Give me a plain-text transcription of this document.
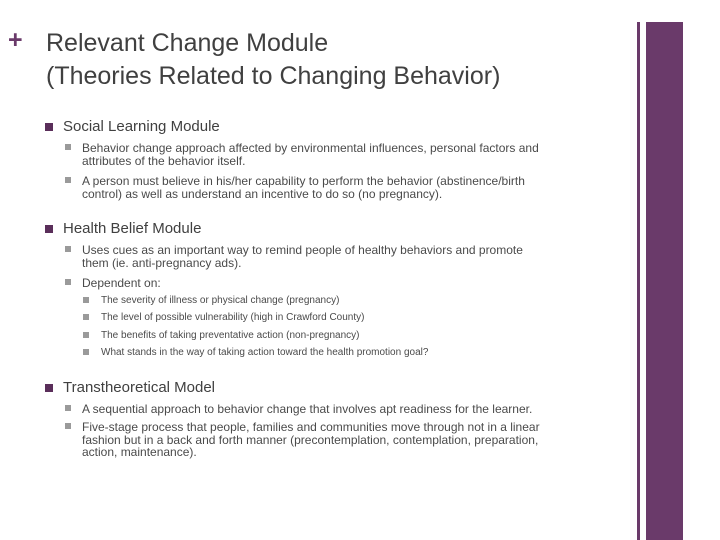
+ Relevant Change Module
(Theories Related to Changing Behavior)
Social Learning Module
Behavior change approach affected by environmental influences, personal factors and
attributes of the behavior itself.
A person must believe in his/her capability to perform the behavior (abstinence/birth
control) as well as understand an incentive to do so (no pregnancy).
Health Belief Module
Uses cues as an important way to remind people of healthy behaviors and promote
them (ie. anti-pregnancy ads).
Dependent on:
The severity of illness or physical change (pregnancy)
The level of possible vulnerability (high in Crawford County)
The benefits of taking preventative action (non-pregnancy)
What stands in the way of taking action toward the health promotion goal?
Transtheoretical Model
A sequential approach to behavior change that involves apt readiness for the learner.
Five-stage process that people, families and communities move through not in a linear
fashion but in a back and forth manner (precontemplation, contemplation, preparation,
action, maintenance).
